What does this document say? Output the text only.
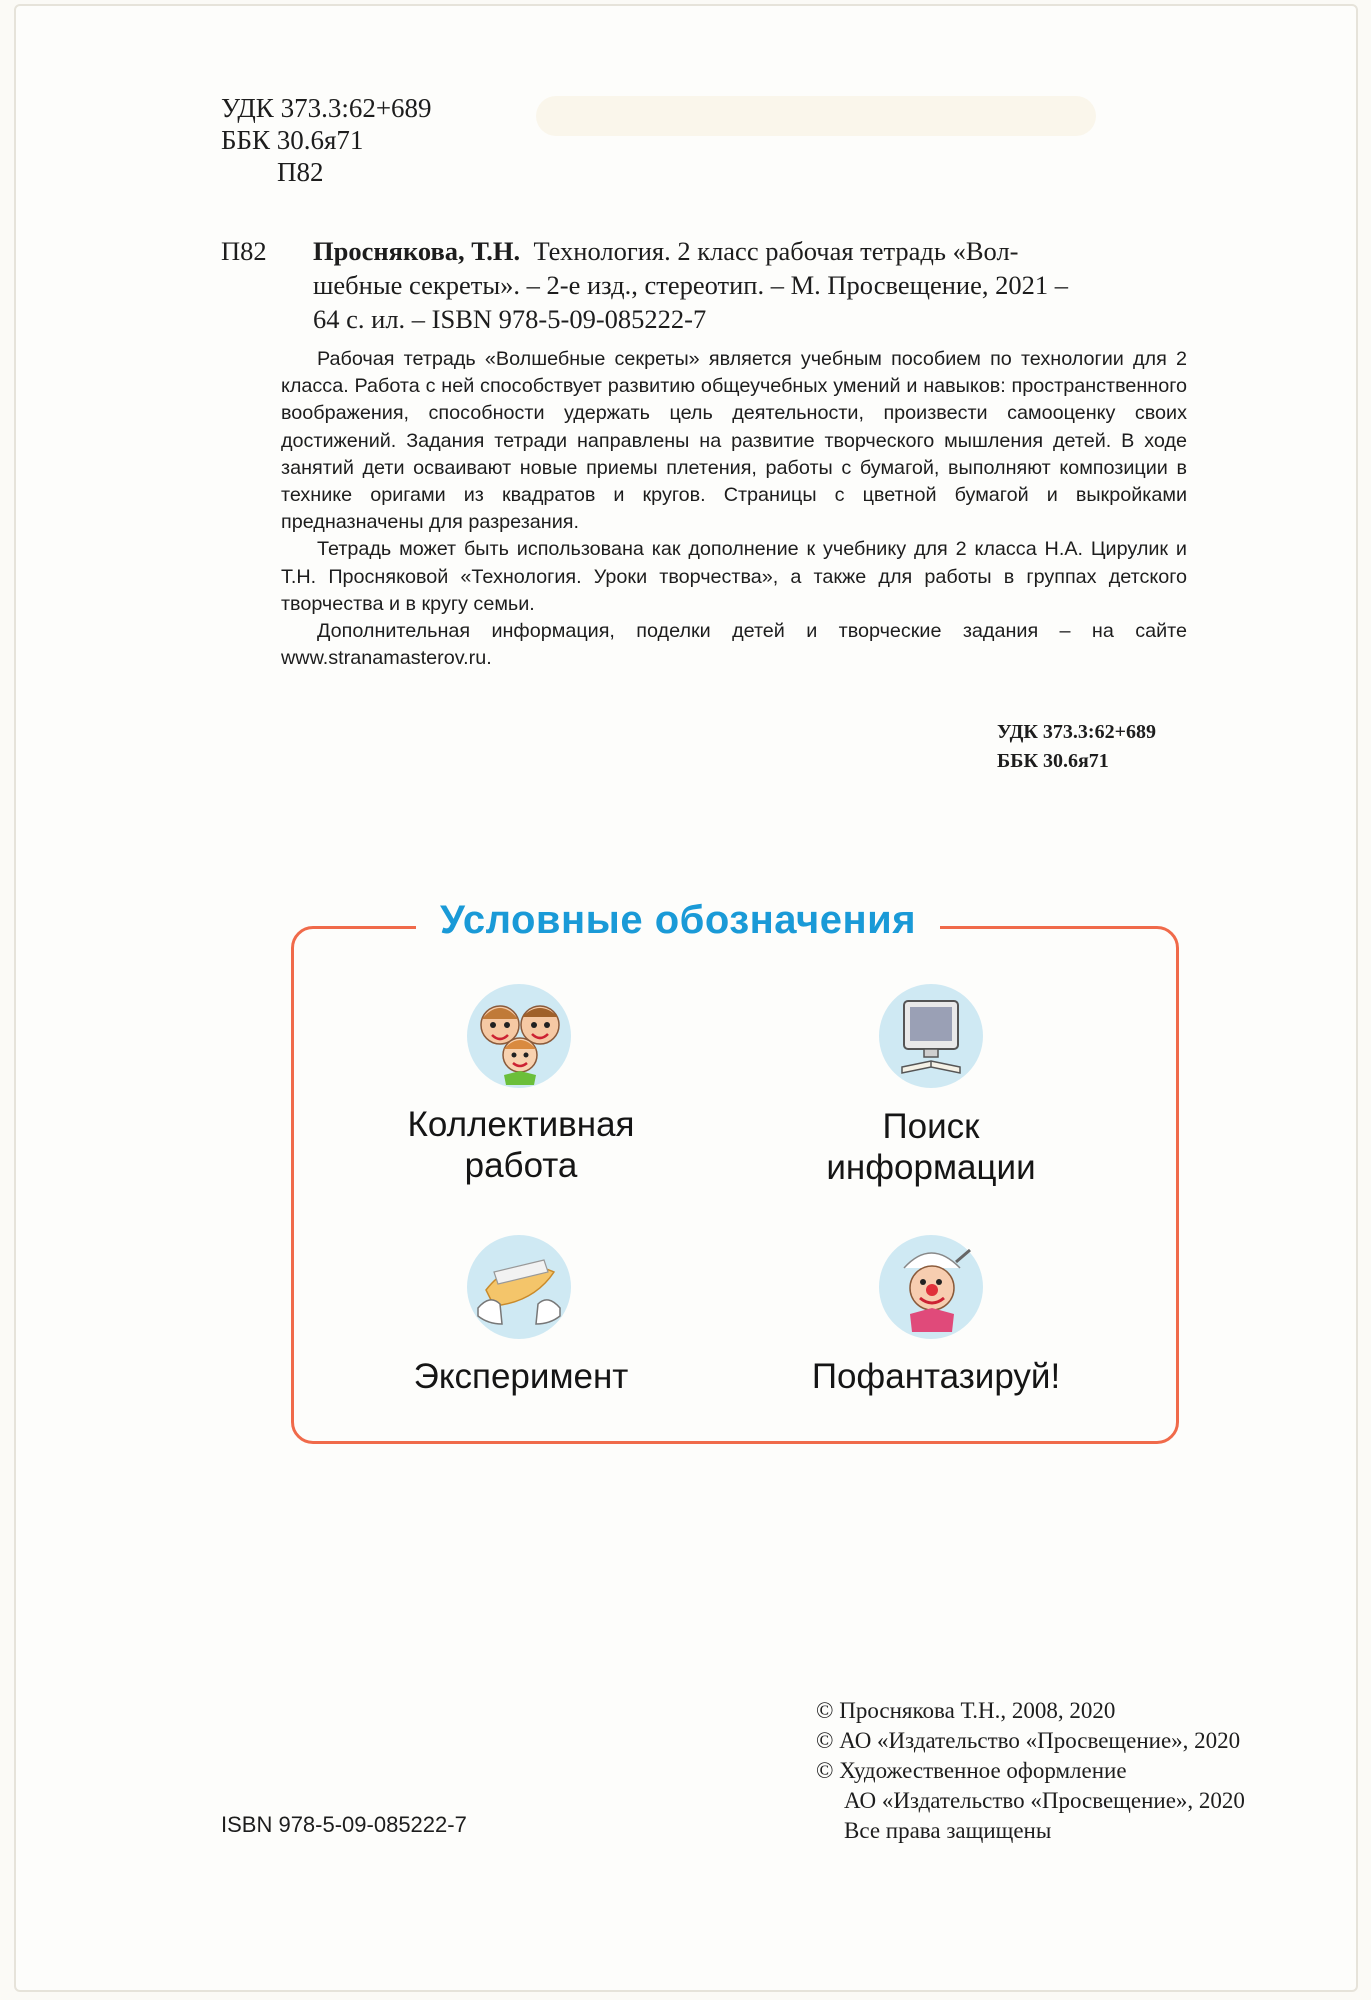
УДК 373.3:62+689
ББК 30.6я71
П82
П82 Проснякова, Т.Н. Технология. 2 класс рабочая тетрадь «Вол-
шебные секреты». – 2-е изд., стереотип. – М. Просвещение, 2021 –
64 с. ил. – ISBN 978-5-09-085222-7

Рабочая тетрадь «Волшебные секреты» является учебным пособием по технологии для 2 класса. Работа с ней способствует развитию общеучебных умений и навыков: пространственного воображения, способности удержать цель деятельности, произвести самооценку своих достижений. Задания тетради направлены на развитие творческого мышления детей. В ходе занятий дети осваивают новые приемы плетения, работы с бумагой, выполняют композиции в технике оригами из квадратов и кругов. Страницы с цветной бумагой и выкройками предназначены для разрезания.

Тетрадь может быть использована как дополнение к учебнику для 2 класса Н.А. Цирулик и Т.Н. Просняковой «Технология. Уроки творчества», а также для работы в группах детского творчества и в кругу семьи.

Дополнительная информация, поделки детей и творческие задания – на сайте www.stranamasterov.ru.

УДК 373.3:62+689
ББК 30.6я71
Условные обозначения
Коллективная
работа
Поиск
информации
Эксперимент	Пофантазируй!
© Проснякова Т.Н., 2008, 2020
© АО «Издательство «Просвещение», 2020
© Художественное оформление
АО «Издательство «Просвещение», 2020
Все права защищены
ISBN 978-5-09-085222-7
